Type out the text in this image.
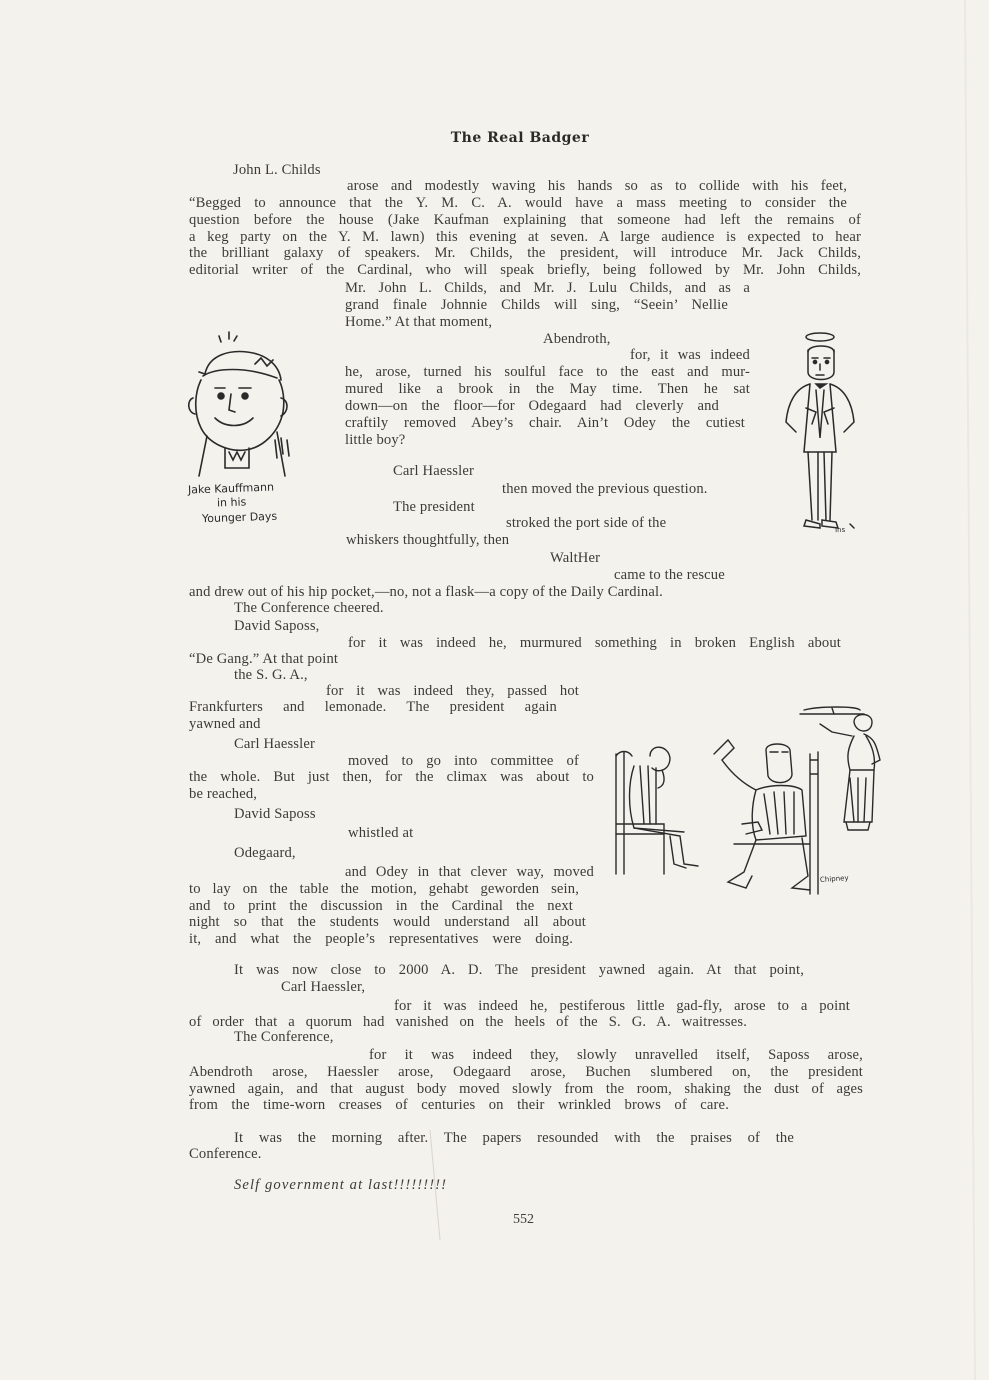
The Real Badger
John L. Childs
arose and modestly waving his hands so as to collide with his feet,
“Begged to announce that the Y. M. C. A. would have a mass meeting to consider the
question before the house (Jake Kaufman explaining that someone had left the remains of
a keg party on the Y. M. lawn) this evening at seven. A large audience is expected to hear
the brilliant galaxy of speakers. Mr. Childs, the president, will introduce Mr. Jack Childs,
editorial writer of the Cardinal, who will speak briefly, being followed by Mr. John Childs,
Mr. John L. Childs, and Mr. J. Lulu Childs, and as a
grand finale Johnnie Childs will sing, “Seein’ Nellie
Home.” At that moment,
Abendroth,
for, it was indeed
he, arose, turned his soulful face to the east and mur-
mured like a brook in the May time. Then he sat
down—on the floor—for Odegaard had cleverly and
craftily removed Abey’s chair. Ain’t Odey the cutiest
little boy?
Carl Haessler
then moved the previous question.
The president
stroked the port side of the
whiskers thoughtfully, then
WaltHer
came to the rescue
and drew out of his hip pocket,—no, not a flask—a copy of the Daily Cardinal.
The Conference cheered.
David Saposs,
for it was indeed he, murmured something in broken English about
“De Gang.” At that point
the S. G. A.,
for it was indeed they, passed hot
Frankfurters and lemonade. The president again
yawned and
Carl Haessler
moved to go into committee of
the whole. But just then, for the climax was about to
be reached,
David Saposs
whistled at
Odegaard,
and Odey in that clever way, moved
to lay on the table the motion, gehabt geworden sein,
and to print the discussion in the Cardinal the next
night so that the students would understand all about
it, and what the people’s representatives were doing.
It was now close to 2000 A. D. The president yawned again. At that point,
Carl Haessler,
for it was indeed he, pestiferous little gad-fly, arose to a point
of order that a quorum had vanished on the heels of the S. G. A. waitresses.
The Conference,
for it was indeed they, slowly unravelled itself, Saposs arose,
Abendroth arose, Haessler arose, Odegaard arose, Buchen slumbered on, the president
yawned again, and that august body moved slowly from the room, shaking the dust of ages
from the time-worn creases of centuries on their wrinkled brows of care.
It was the morning after. The papers resounded with the praises of the
Conference.
Self government at last!!!!!!!!!
552
Jake Kauffmann
in his
Younger Days
Ins
Chipney
